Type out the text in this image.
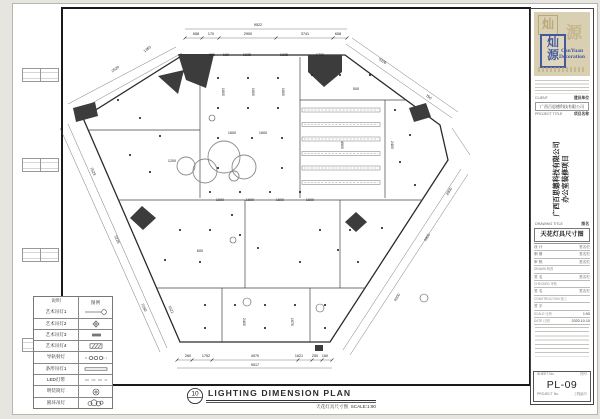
9522
658 170	2900	3741	658
800 160	1635	1635	1730
2529
1360
5226
750
2529
5226
2160
4200
4900
2900
260	1752	4970	1621 250 160
9517
1600	1600	1600
1600	1600
4900	2400
1600	1600	1600	1600
2400	1670
600
1200
500
1521
说明	图例
艺术吊灯1
艺术吊灯2
艺术吊灯3
艺术吊灯4
导轨射灯
条形吊灯1
LED灯带
明装筒灯
圆环吊灯
灿
源
灿
源 CanYuan
Decoration
CLIENT	建设单位
广西百思德科技有限公司
PROJECT TITLE	项目名称
广西百思德科技有限公司 办公室装修项目
DRAWING TITLE	图名
天花灯具尺寸图
设 计	签名栏
制 图	签名栏
审 核	签名栏
DRAWN 制图
签 名	签名栏
CHECKED 审核
签 名	签名栏
CONSTRUCTION 施工
签 字
SCALE 比例	1:90
DATE 日期	2020.10.10
SHEET No.	图号
PL-09
PROJECT No.	工程编号
10 LIGHTING DIMENSION PLAN
天花灯具尺寸图 SCALE:1:90
